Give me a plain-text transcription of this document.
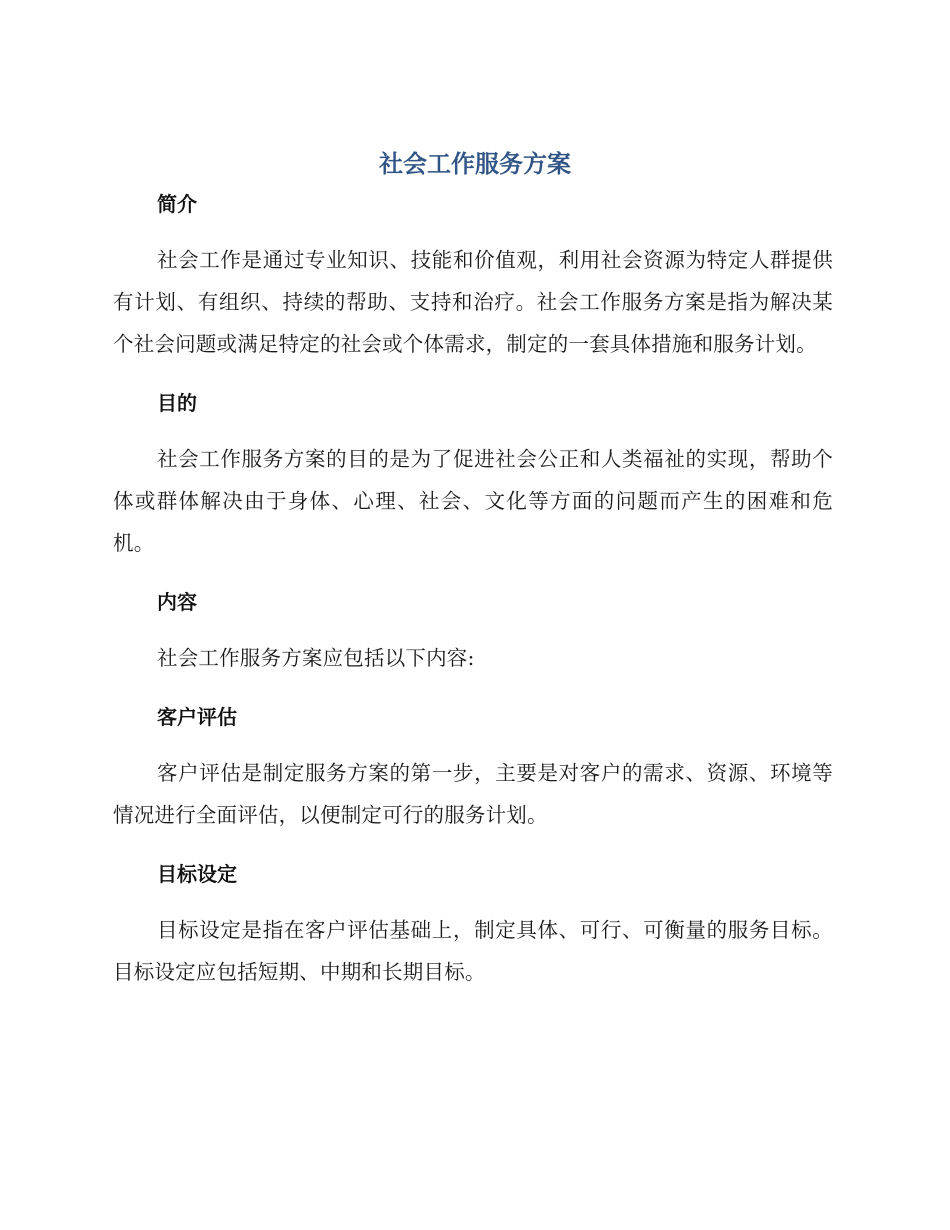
社会工作服务方案
简介

社会工作是通过专业知识、技能和价值观，利用社会资源为特定人群提供有计划、有组织、持续的帮助、支持和治疗。社会工作服务方案是指为解决某个社会问题或满足特定的社会或个体需求，制定的一套具体措施和服务计划。

目的

社会工作服务方案的目的是为了促进社会公正和人类福祉的实现，帮助个体或群体解决由于身体、心理、社会、文化等方面的问题而产生的困难和危机。

内容

社会工作服务方案应包括以下内容:

客户评估

客户评估是制定服务方案的第一步，主要是对客户的需求、资源、环境等情况进行全面评估，以便制定可行的服务计划。

目标设定

目标设定是指在客户评估基础上，制定具体、可行、可衡量的服务目标。目标设定应包括短期、中期和长期目标。
